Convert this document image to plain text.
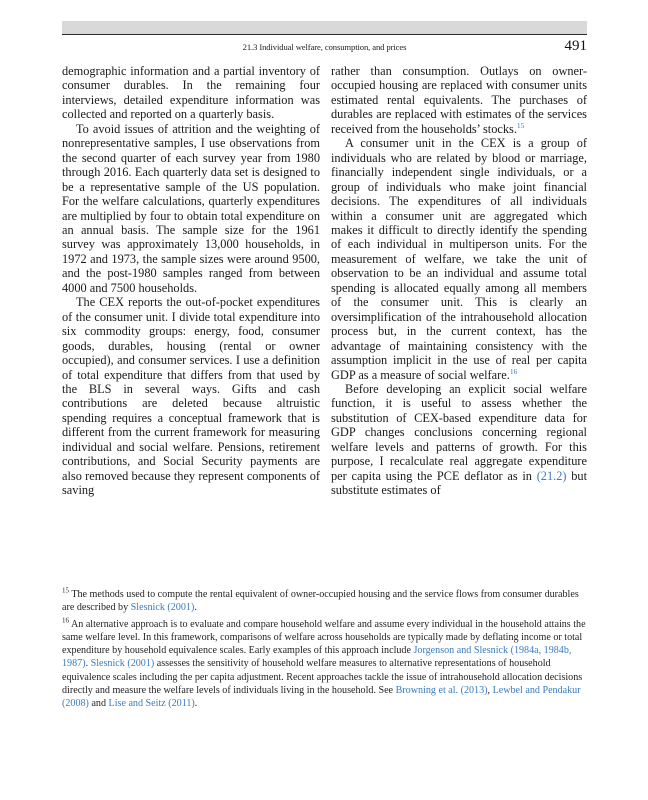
21.3 Individual welfare, consumption, and prices	491

demographic information and a partial inventory of consumer durables. In the remaining four interviews, detailed expenditure information was collected and reported on a quarterly basis.

To avoid issues of attrition and the weighting of nonrepresentative samples, I use observations from the second quarter of each survey year from 1980 through 2016. Each quarterly data set is designed to be a representative sample of the US population. For the welfare calculations, quarterly expenditures are multiplied by four to obtain total expenditure on an annual basis. The sample size for the 1961 survey was approximately 13,000 households, in 1972 and 1973, the sample sizes were around 9500, and the post-1980 samples ranged from between 4000 and 7500 households.

The CEX reports the out-of-pocket expenditures of the consumer unit. I divide total expenditure into six commodity groups: energy, food, consumer goods, durables, housing (rental or owner occupied), and consumer services. I use a definition of total expenditure that differs from that used by the BLS in several ways. Gifts and cash contributions are deleted because altruistic spending requires a conceptual framework that is different from the current framework for measuring individual and social welfare. Pensions, retirement contributions, and Social Security payments are also removed because they represent components of saving

rather than consumption. Outlays on owner-occupied housing are replaced with consumer units estimated rental equivalents. The purchases of durables are replaced with estimates of the services received from the households’ stocks.$^{15}$

A consumer unit in the CEX is a group of individuals who are related by blood or marriage, financially independent single individuals, or a group of individuals who make joint financial decisions. The expenditures of all individuals within a consumer unit are aggregated which makes it difficult to directly identify the spending of each individual in multiperson units. For the measurement of welfare, we take the unit of observation to be an individual and assume total spending is allocated equally among all members of the consumer unit. This is clearly an oversimplification of the intrahousehold allocation process but, in the current context, has the advantage of maintaining consistency with the assumption implicit in the use of real per capita GDP as a measure of social welfare.$^{16}$

Before developing an explicit social welfare function, it is useful to assess whether the substitution of CEX-based expenditure data for GDP changes conclusions concerning regional welfare levels and patterns of growth. For this purpose, I recalculate real aggregate expenditure per capita using the PCE deflator as in (21.2) but substitute estimates of

$^{15}$ The methods used to compute the rental equivalent of owner-occupied housing and the service flows from consumer durables are described by Slesnick (2001).

$^{16}$ An alternative approach is to evaluate and compare household welfare and assume every individual in the household attains the same welfare level. In this framework, comparisons of welfare across households are typically made by deflating income or total expenditure by household equivalence scales. Early examples of this approach include Jorgenson and Slesnick (1984a, 1984b, 1987). Slesnick (2001) assesses the sensitivity of household welfare measures to alternative representations of household equivalence scales including the per capita adjustment. Recent approaches tackle the issue of intrahousehold allocation decisions directly and measure the welfare levels of individuals living in the household. See Browning et al. (2013), Lewbel and Pendakur (2008) and Lise and Seitz (2011).
